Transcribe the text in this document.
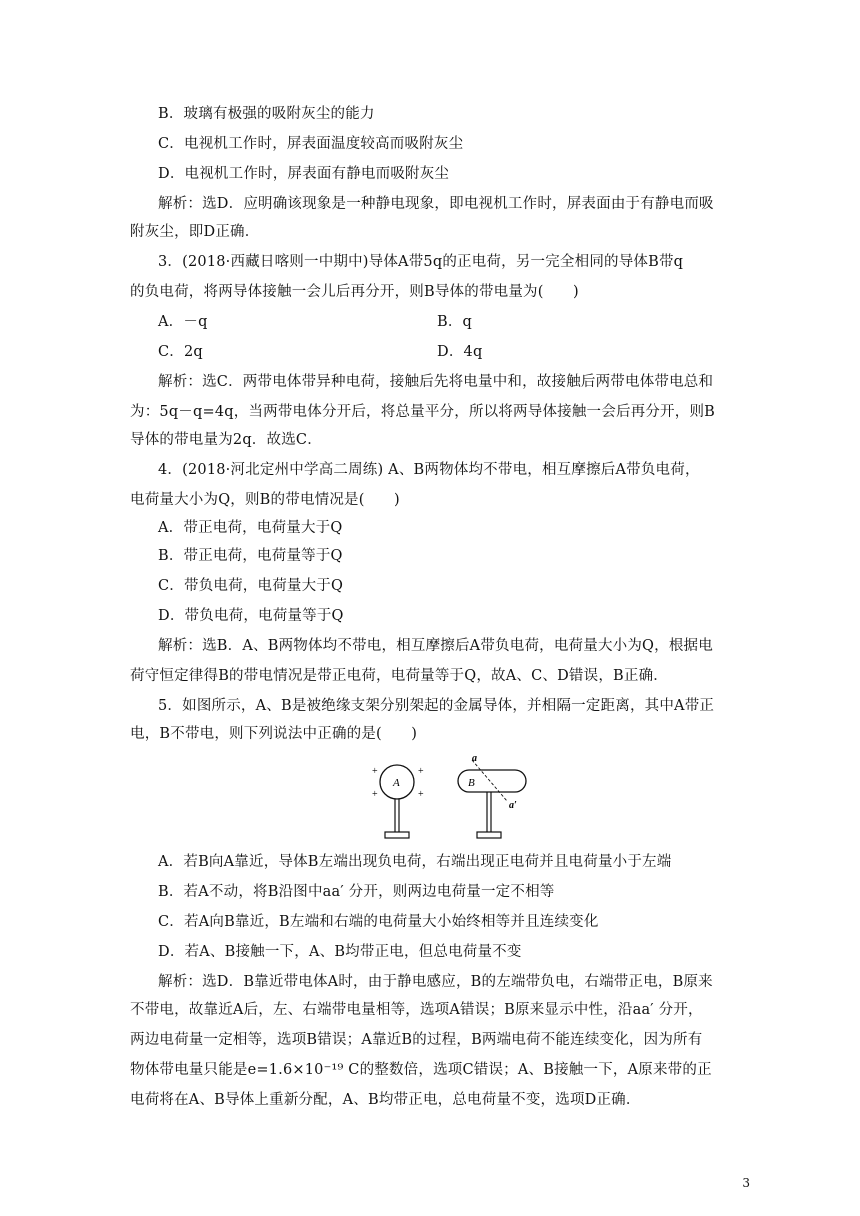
B．玻璃有极强的吸附灰尘的能力
C．电视机工作时，屏表面温度较高而吸附灰尘
D．电视机工作时，屏表面有静电而吸附灰尘
解析：选D．应明确该现象是一种静电现象，即电视机工作时，屏表面由于有静电而吸
附灰尘，即D正确．
3．(2018·西藏日喀则一中期中)导体A带5q的正电荷，另一完全相同的导体B带q
的负电荷，将两导体接触一会儿后再分开，则B导体的带电量为(　　)
A．－q	B．q
C．2q	D．4q
解析：选C．两带电体带异种电荷，接触后先将电量中和，故接触后两带电体带电总和
为：5q－q=4q，当两带电体分开后，将总量平分，所以将两导体接触一会后再分开，则B
导体的带电量为2q．故选C．
4．(2018·河北定州中学高二周练) A、B两物体均不带电，相互摩擦后A带负电荷，
电荷量大小为Q，则B的带电情况是(　　)
A．带正电荷，电荷量大于Q
B．带正电荷，电荷量等于Q
C．带负电荷，电荷量大于Q
D．带负电荷，电荷量等于Q
解析：选B．A、B两物体均不带电，相互摩擦后A带负电荷，电荷量大小为Q，根据电
荷守恒定律得B的带电情况是带正电荷，电荷量等于Q，故A、C、D错误，B正确．
5．如图所示，A、B是被绝缘支架分别架起的金属导体，并相隔一定距离，其中A带正
电，B不带电，则下列说法中正确的是(　　)
A
+	+
+	+
B
a
a′
A．若B向A靠近，导体B左端出现负电荷，右端出现正电荷并且电荷量小于左端
B．若A不动，将B沿图中aa′ 分开，则两边电荷量一定不相等
C．若A向B靠近，B左端和右端的电荷量大小始终相等并且连续变化
D．若A、B接触一下，A、B均带正电，但总电荷量不变
解析：选D．B靠近带电体A时，由于静电感应，B的左端带负电，右端带正电，B原来
不带电，故靠近A后，左、右端带电量相等，选项A错误；B原来显示中性，沿aa′ 分开，
两边电荷量一定相等，选项B错误；A靠近B的过程，B两端电荷不能连续变化，因为所有
物体带电量只能是e=1.6×10⁻¹⁹ C的整数倍，选项C错误；A、B接触一下，A原来带的正
电荷将在A、B导体上重新分配，A、B均带正电，总电荷量不变，选项D正确．
3
